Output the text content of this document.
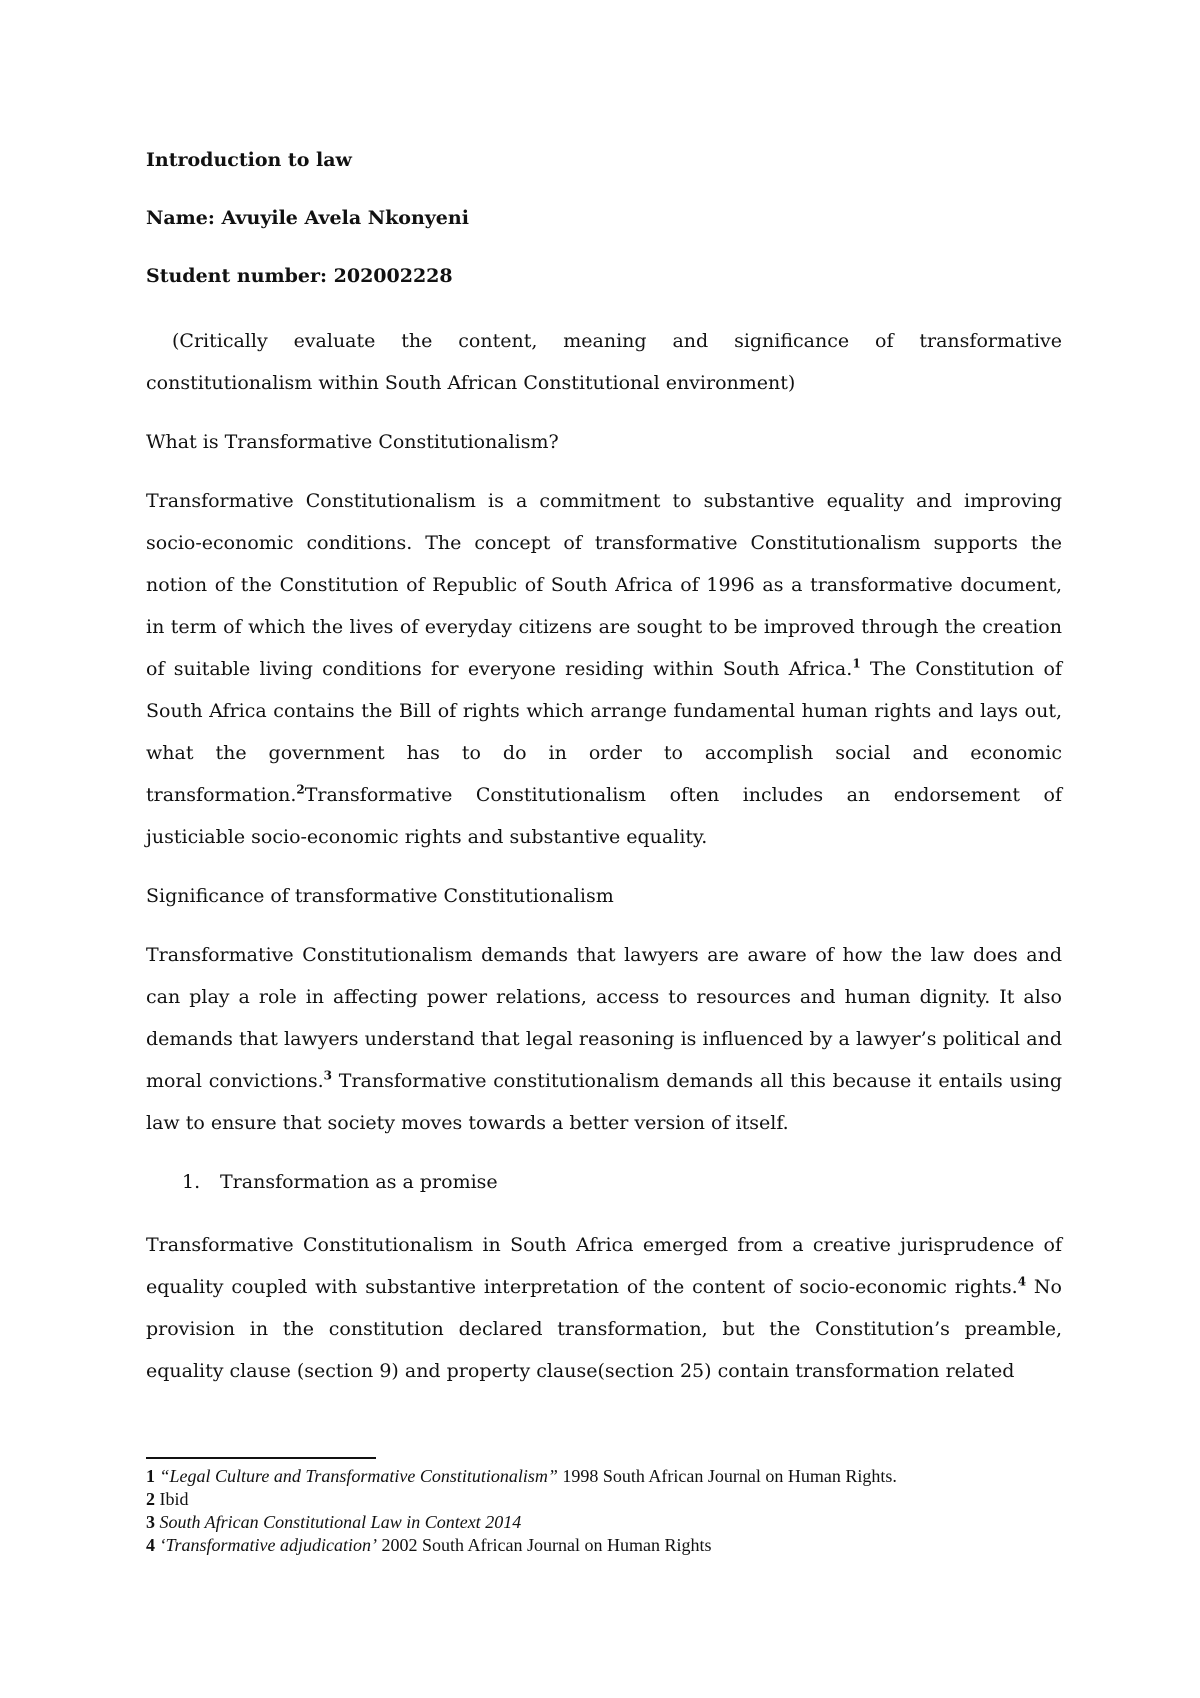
Introduction to law

Name: Avuyile Avela Nkonyeni

Student number: 202002228

(Critically evaluate the content, meaning and significance of transformative constitutionalism within South African Constitutional environment)

What is Transformative Constitutionalism?

Transformative Constitutionalism is a commitment to substantive equality and improving socio-economic conditions. The concept of transformative Constitutionalism supports the notion of the Constitution of Republic of South Africa of 1996 as a transformative document, in term of which the lives of everyday citizens are sought to be improved through the creation of suitable living conditions for everyone residing within South Africa.$^1$ The Constitution of South Africa contains the Bill of rights which arrange fundamental human rights and lays out, what the government has to do in order to accomplish social and economic transformation.$^2$Transformative Constitutionalism often includes an endorsement of justiciable socio-economic rights and substantive equality.

Significance of transformative Constitutionalism

Transformative Constitutionalism demands that lawyers are aware of how the law does and can play a role in affecting power relations, access to resources and human dignity. It also demands that lawyers understand that legal reasoning is influenced by a lawyer’s political and moral convictions.$^3$ Transformative constitutionalism demands all this because it entails using law to ensure that society moves towards a better version of itself.

1.	Transformation as a promise

Transformative Constitutionalism in South Africa emerged from a creative jurisprudence of equality coupled with substantive interpretation of the content of socio-economic rights.$^4$ No provision in the constitution declared transformation, but the Constitution’s preamble, equality clause (section 9) and property clause(section 25) contain transformation related

1 “Legal Culture and Transformative Constitutionalism” 1998 South African Journal on Human Rights.
2 Ibid
3 South African Constitutional Law in Context 2014
4 ‘Transformative adjudication’ 2002 South African Journal on Human Rights
